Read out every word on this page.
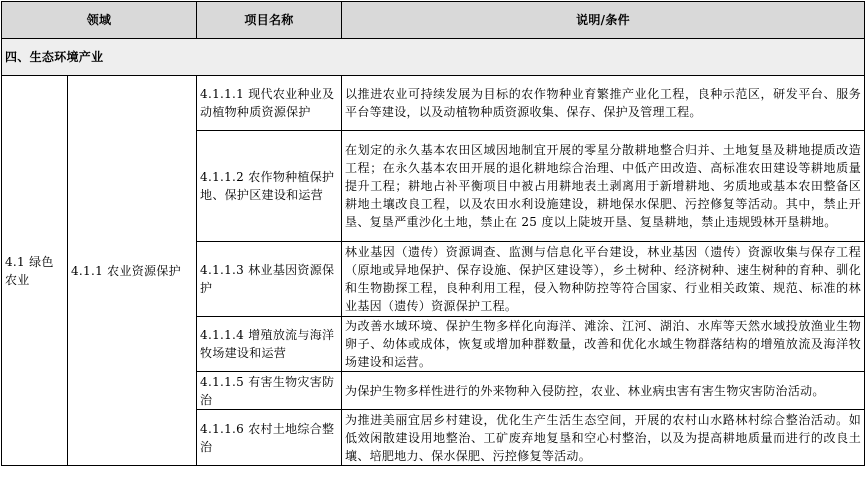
领域		项目名称	说明/条件
四、生态环境产业			
4.1 绿色农业	4.1.1 农业资源保护	4.1.1.1 现代农业种业及动植物种质资源保护	以推进农业可持续发展为目标的农作物种业育繁推产业化工程，良种示范区，研发平台、服务平台等建设，以及动植物种质资源收集、保存、保护及管理工程。
		4.1.1.2 农作物种植保护地、保护区建设和运营	在划定的永久基本农田区域因地制宜开展的零星分散耕地整合归并、土地复垦及耕地提质改造工程；在永久基本农田开展的退化耕地综合治理、中低产田改造、高标准农田建设等耕地质量提升工程；耕地占补平衡项目中被占用耕地表土剥离用于新增耕地、劣质地或基本农田整备区耕地土壤改良工程，以及农田水利设施建设，耕地保水保肥、污控修复等活动。其中，禁止开垦、复垦严重沙化土地，禁止在 25 度以上陡坡开垦、复垦耕地，禁止违规毁林开垦耕地。
		4.1.1.3 林业基因资源保护	林业基因（遗传）资源调查、监测与信息化平台建设，林业基因（遗传）资源收集与保存工程（原地或异地保护、保存设施、保护区建设等），乡土树种、经济树种、速生树种的育种、驯化和生物勘探工程，良种利用工程，侵入物种防控等符合国家、行业相关政策、规范、标准的林业基因（遗传）资源保护工程。
		4.1.1.4 增殖放流与海洋牧场建设和运营	为改善水域环境、保护生物多样化向海洋、滩涂、江河、湖泊、水库等天然水域投放渔业生物卵子、幼体或成体，恢复或增加种群数量，改善和优化水域生物群落结构的增殖放流及海洋牧场建设和运营。
		4.1.1.5 有害生物灾害防治	为保护生物多样性进行的外来物种入侵防控，农业、林业病虫害有害生物灾害防治活动。
		4.1.1.6 农村土地综合整治	为推进美丽宜居乡村建设，优化生产生活生态空间，开展的农村山水路林村综合整治活动。如低效闲散建设用地整治、工矿废弃地复垦和空心村整治，以及为提高耕地质量而进行的改良土壤、培肥地力、保水保肥、污控修复等活动。
